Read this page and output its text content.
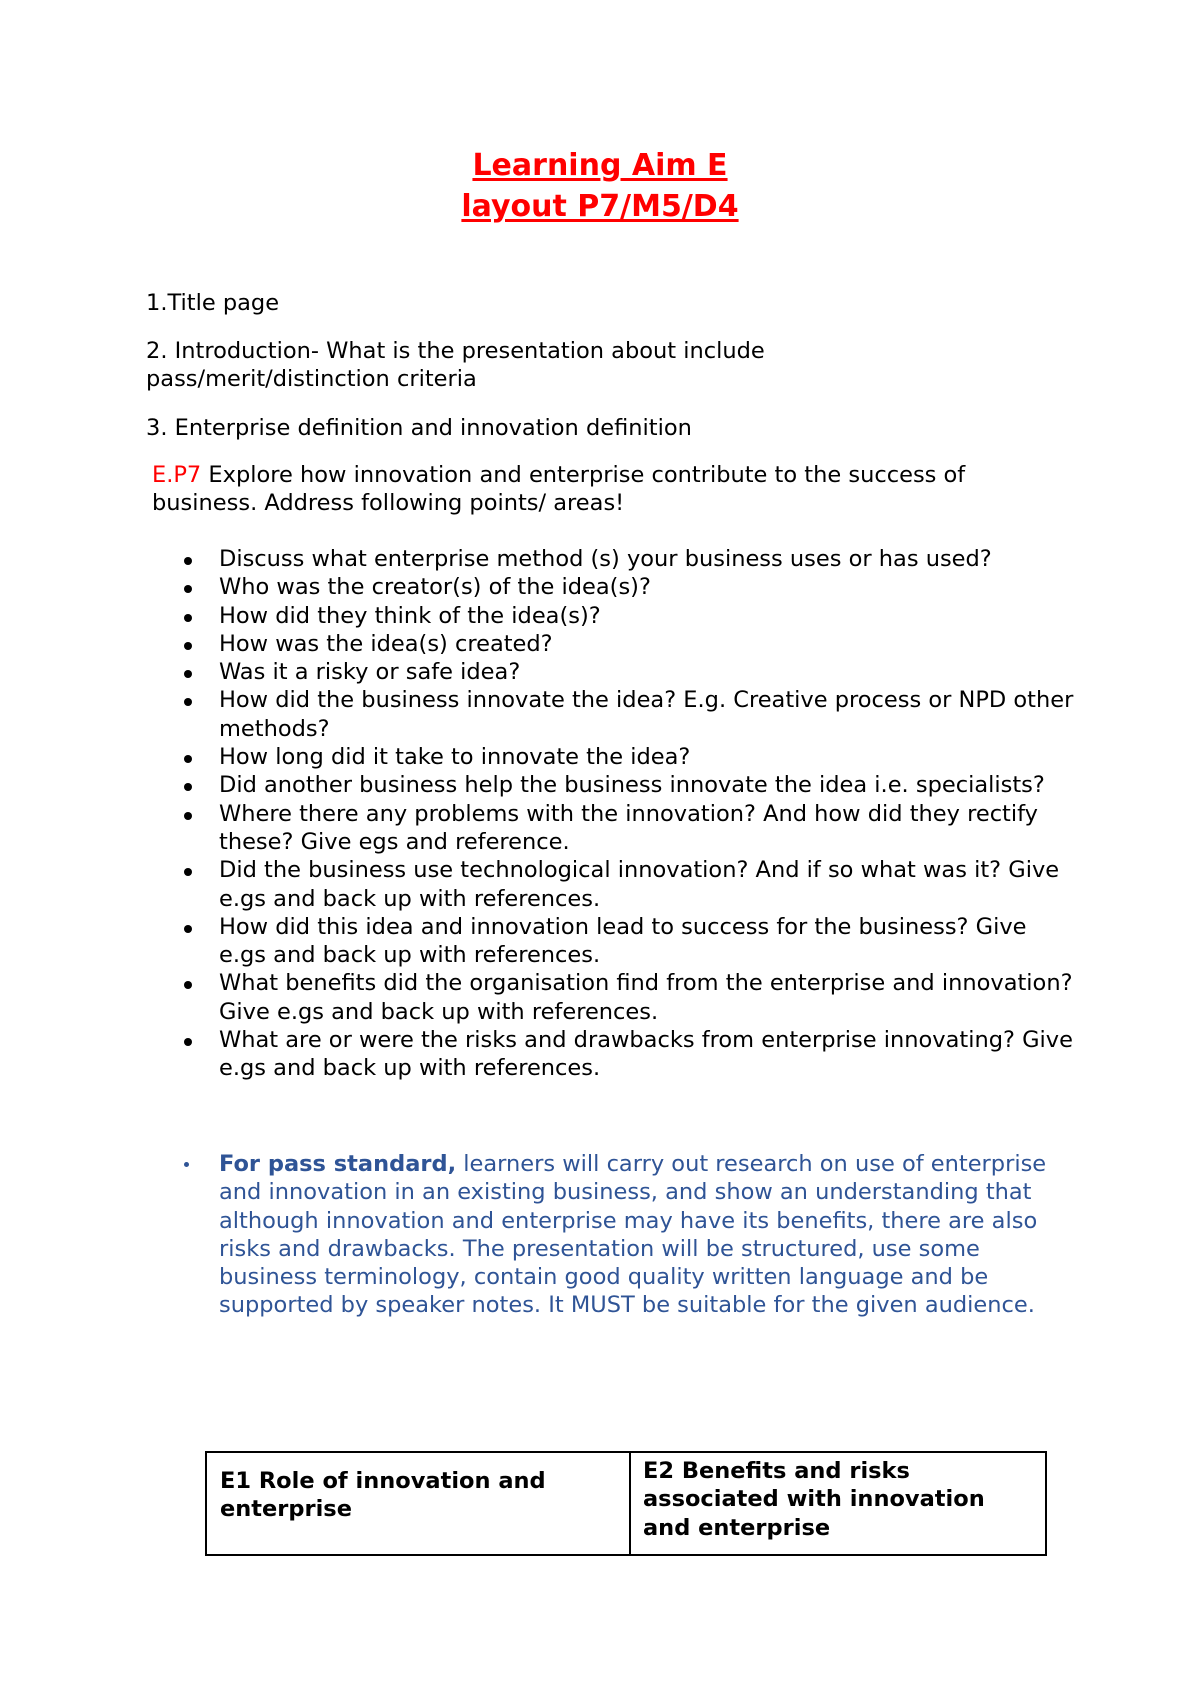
Learning Aim E
layout P7/M5/D4

1.Title page

2. Introduction- What is the presentation about include pass/merit/distinction criteria

3. Enterprise definition and innovation definition

E.P7 Explore how innovation and enterprise contribute to the success of business. Address following points/ areas!

Discuss what enterprise method (s) your business uses or has used?
Who was the creator(s) of the idea(s)?
How did they think of the idea(s)?
How was the idea(s) created?
Was it a risky or safe idea?
How did the business innovate the idea? E.g. Creative process or NPD other methods?
How long did it take to innovate the idea?
Did another business help the business innovate the idea i.e. specialists?
Where there any problems with the innovation? And how did they rectify these? Give egs and reference.
Did the business use technological innovation? And if so what was it? Give e.gs and back up with references.
How did this idea and innovation lead to success for the business? Give e.gs and back up with references.
What benefits did the organisation find from the enterprise and innovation? Give e.gs and back up with references.
What are or were the risks and drawbacks from enterprise innovating? Give e.gs and back up with references.
For pass standard, learners will carry out research on use of enterprise and innovation in an existing business, and show an understanding that although innovation and enterprise may have its benefits, there are also risks and drawbacks. The presentation will be structured, use some business terminology, contain good quality written language and be supported by speaker notes. It MUST be suitable for the given audience.
E1 Role of innovation and enterprise
E2 Benefits and risks associated with innovation and enterprise
